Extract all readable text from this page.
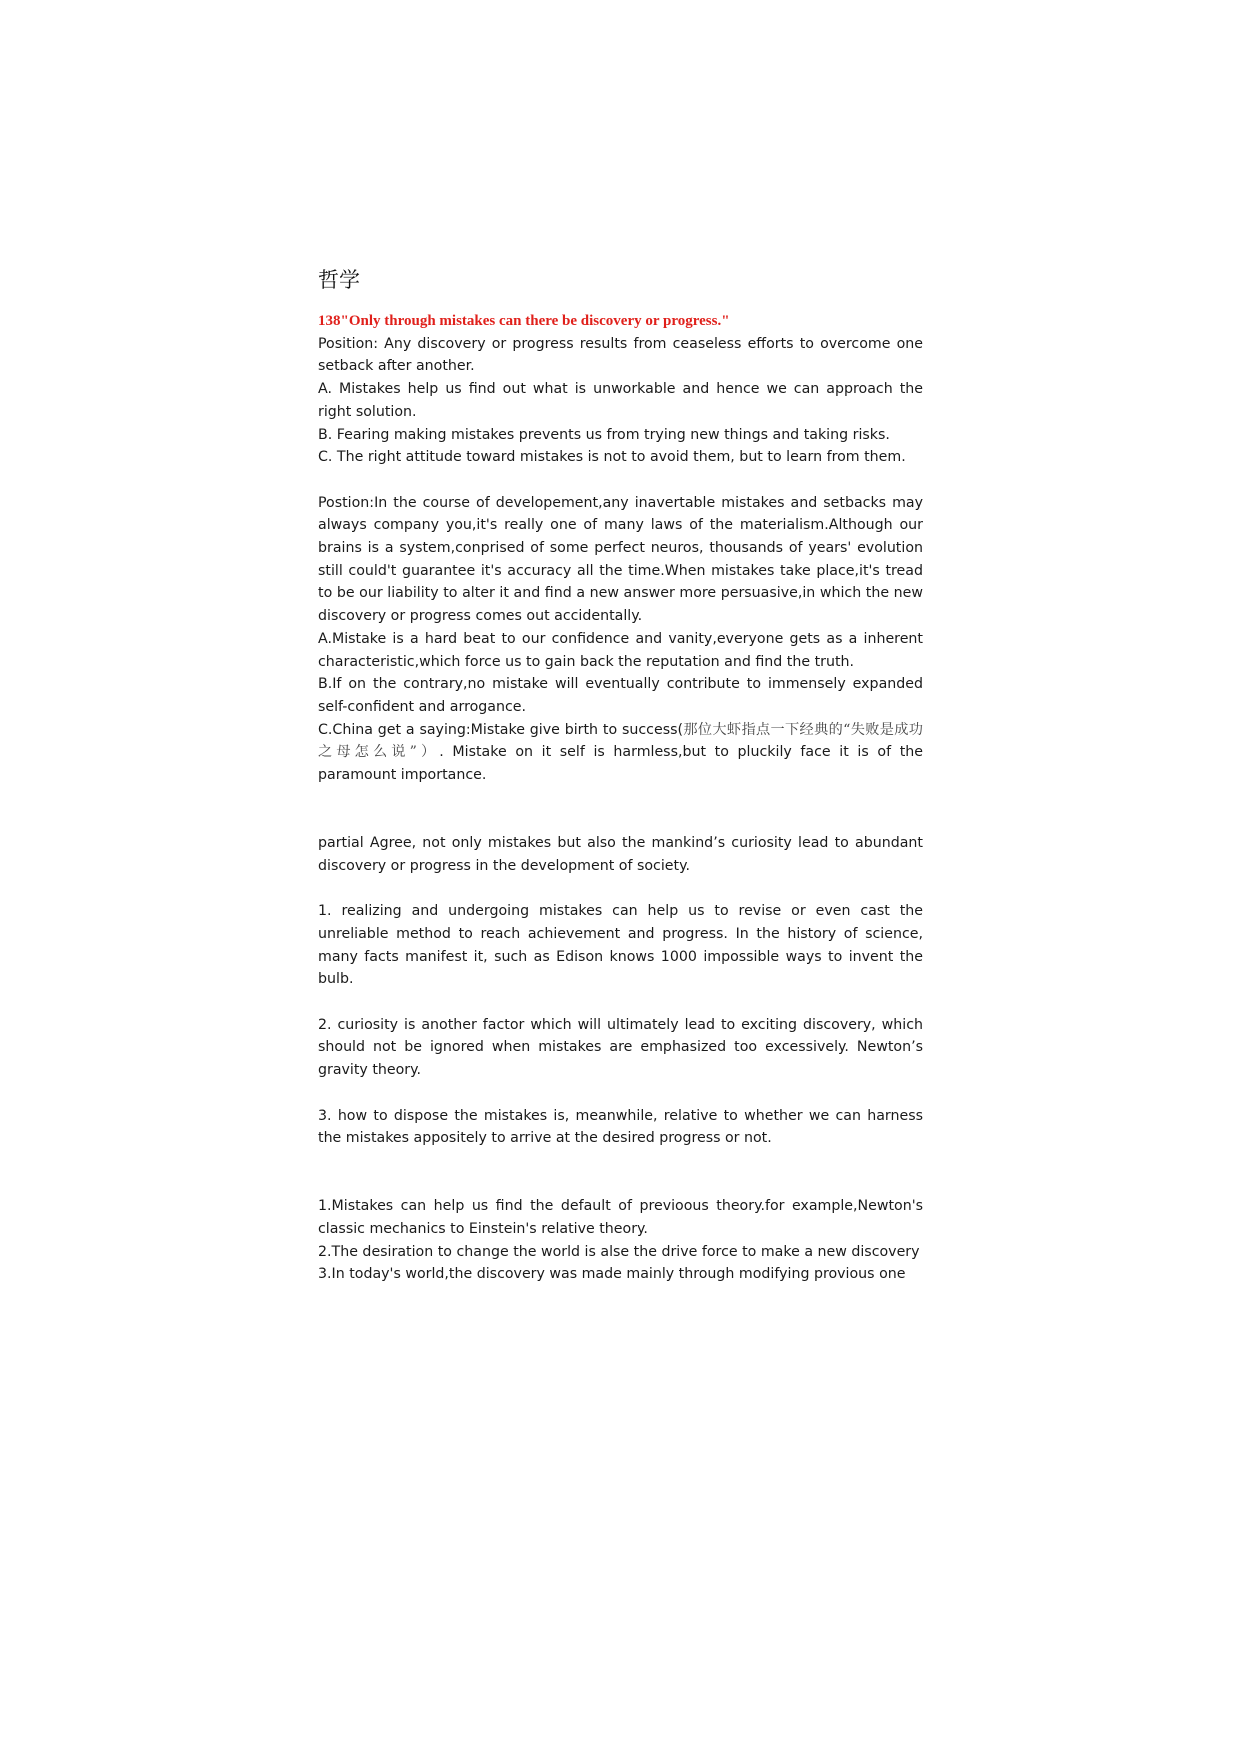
哲学
138"Only through mistakes can there be discovery or progress."

Position: Any discovery or progress results from ceaseless efforts to overcome one setback after another.

A. Mistakes help us find out what is unworkable and hence we can approach the right solution.

B. Fearing making mistakes prevents us from trying new things and taking risks.

C. The right attitude toward mistakes is not to avoid them, but to learn from them.

Postion:In the course of developement,any inavertable mistakes and setbacks may always company you,it's really one of many laws of the materialism.Although our brains is a system,conprised of some perfect neuros, thousands of years' evolution still could't guarantee it's accuracy all the time.When mistakes take place,it's tread to be our liability to alter it and find a new answer more persuasive,in which the new discovery or progress comes out accidentally.

A.Mistake is a hard beat to our confidence and vanity,everyone gets as a inherent characteristic,which force us to gain back the reputation and find the truth.

B.If on the contrary,no mistake will eventually contribute to immensely expanded self-confident and arrogance.

C.China get a saying:Mistake give birth to success(那位大虾指点一下经典的“失败是成功之母怎么说”）. Mistake on it self is harmless,but to pluckily face it is of the paramount importance.

partial Agree, not only mistakes but also the mankind’s curiosity lead to abundant discovery or progress in the development of society.

1. realizing and undergoing mistakes can help us to revise or even cast the unreliable method to reach achievement and progress. In the history of science, many facts manifest it, such as Edison knows 1000 impossible ways to invent the bulb.

2. curiosity is another factor which will ultimately lead to exciting discovery, which should not be ignored when mistakes are emphasized too excessively. Newton’s gravity theory.

3. how to dispose the mistakes is, meanwhile, relative to whether we can harness the mistakes appositely to arrive at the desired progress or not.

1.Mistakes can help us find the default of previoous theory.for example,Newton's classic mechanics to Einstein's relative theory.

2.The desiration to change the world is alse the drive force to make a new discovery

3.In today's world,the discovery was made mainly through modifying provious one
